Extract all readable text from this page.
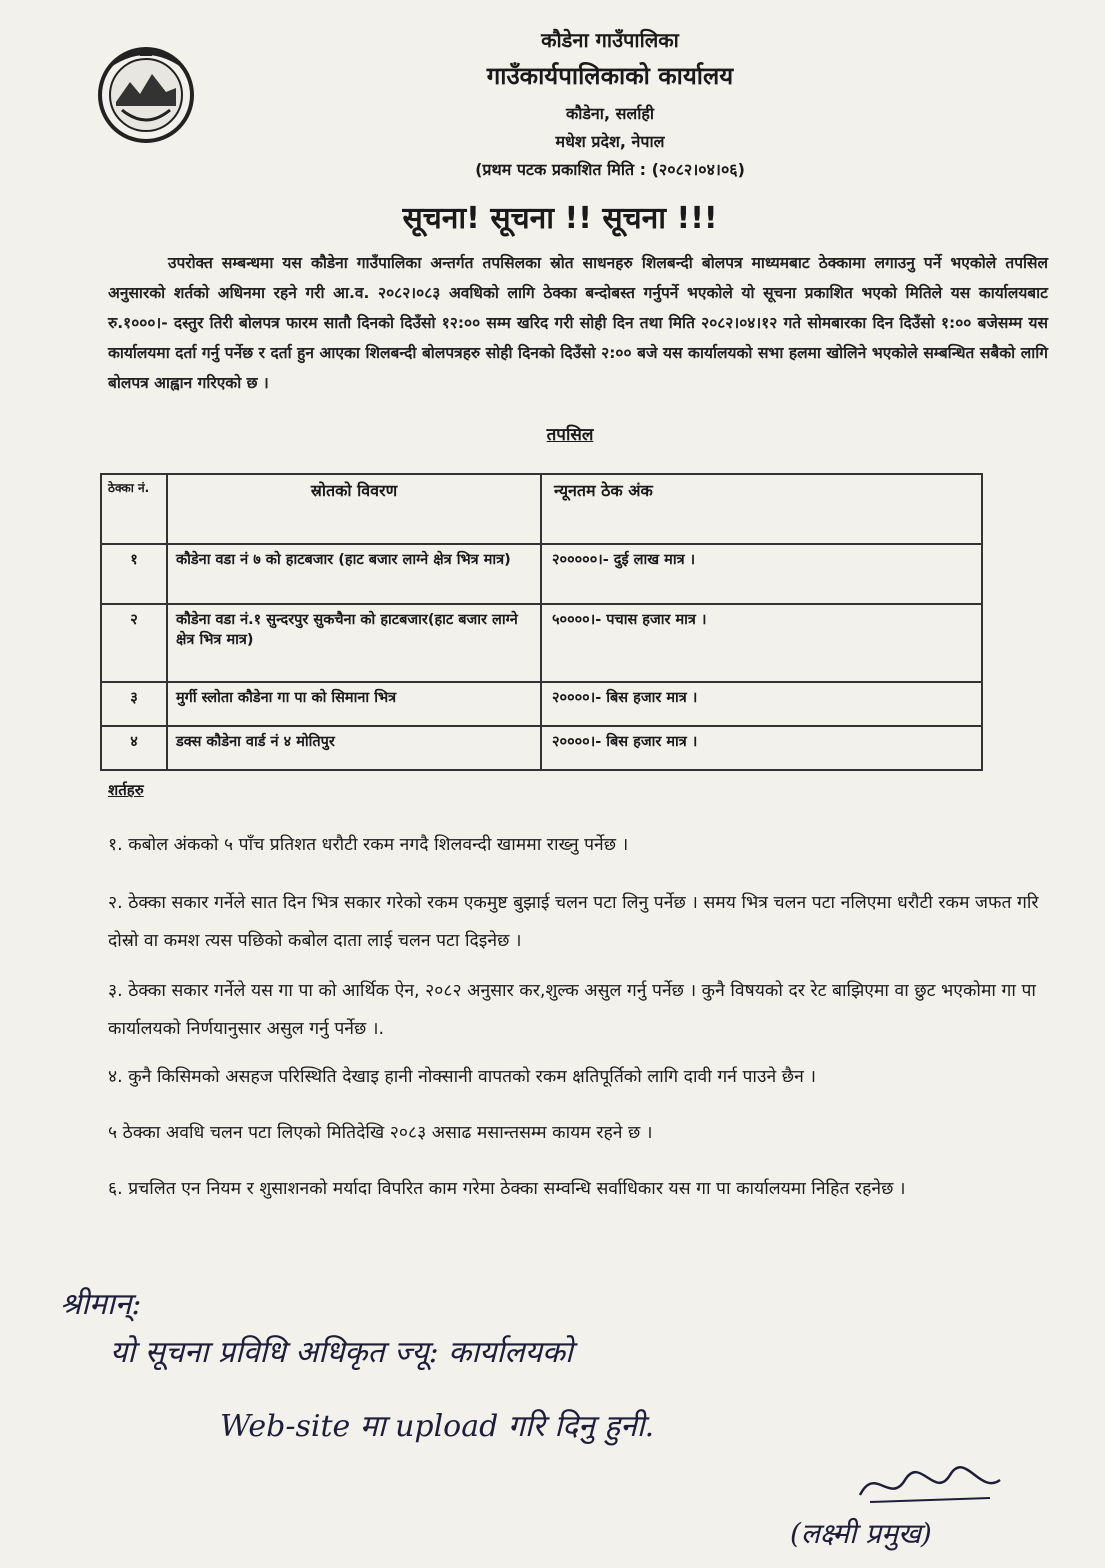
कौडेना गाउँपालिका
गाउँकार्यपालिकाको कार्यालय
कौडेना, सर्लाही
मधेश प्रदेश, नेपाल
(प्रथम पटक प्रकाशित मिति : (२०८२।०४।०६)
सूचना! सूचना !! सूचना !!!
उपरोक्त सम्बन्धमा यस कौडेना गाउँपालिका अन्तर्गत तपसिलका स्रोत साधनहरु शिलबन्दी बोलपत्र माध्यमबाट ठेक्कामा लगाउनु पर्ने भएकोले तपसिल अनुसारको शर्तको अधिनमा रहने गरी आ.व. २०८२।०८३ अवधिको लागि ठेक्का बन्दोबस्त गर्नुपर्ने भएकोले यो सूचना प्रकाशित भएको मितिले यस कार्यालयबाट रु.१०००।- दस्तुर तिरी बोलपत्र फारम सातौ दिनको दिउँसो १२:०० सम्म खरिद गरी सोही दिन तथा मिति २०८२।०४।१२ गते सोमबारका दिन दिउँसो १:०० बजेसम्म यस कार्यालयमा दर्ता गर्नु पर्नेछ र दर्ता हुन आएका शिलबन्दी बोलपत्रहरु सोही दिनको दिउँसो २:०० बजे यस कार्यालयको सभा हलमा खोलिने भएकोले सम्बन्धित सबैको लागि बोलपत्र आह्वान गरिएको छ ।
तपसिल
ठेक्का नं.	स्रोतको विवरण	न्यूनतम ठेक अंक
१	कौडेना वडा नं ७ को हाटबजार (हाट बजार लाग्ने क्षेत्र भित्र मात्र)	२०००००।- दुई लाख मात्र ।
२	कौडेना वडा नं.१ सुन्दरपुर सुकचैना को हाटबजार(हाट बजार लाग्ने क्षेत्र भित्र मात्र)	५००००।- पचास हजार मात्र ।
३	मुर्गी स्लोता कौडेना गा पा को सिमाना भित्र	२००००।- बिस हजार मात्र ।
४	डक्स कौडेना वार्ड नं ४ मोतिपुर	२००००।- बिस हजार मात्र ।
शर्तहरु
१. कबोल अंकको ५ पाँच प्रतिशत धरौटी रकम नगदै शिलवन्दी खाममा राख्नु पर्नेछ ।
२. ठेक्का सकार गर्नेले सात दिन भित्र सकार गरेको रकम एकमुष्ट बुझाई चलन पटा लिनु पर्नेछ । समय भित्र चलन पटा नलिएमा धरौटी रकम जफत गरि दोस्रो वा कमश त्यस पछिको कबोल दाता लाई चलन पटा दिइनेछ ।
३. ठेक्का सकार गर्नेले यस गा पा को आर्थिक ऐन, २०८२ अनुसार कर,शुल्क असुल गर्नु पर्नेछ । कुनै विषयको दर रेट बाझिएमा वा छुट भएकोमा गा पा कार्यालयको निर्णयानुसार असुल गर्नु पर्नेछ ।.
४. कुनै किसिमको असहज परिस्थिति देखाइ हानी नोक्सानी वापतको रकम क्षतिपूर्तिको लागि दावी गर्न पाउने छैन ।
५ ठेक्का अवधि चलन पटा लिएको मितिदेखि २०८३ असाढ मसान्तसम्म कायम रहने छ ।
६. प्रचलित एन नियम र शुसाशनको मर्यादा विपरित काम गरेमा ठेक्का सम्वन्धि सर्वाधिकार यस गा पा कार्यालयमा निहित रहनेछ ।
श्रीमान्:
यो सूचना प्रविधि अधिकृत ज्यू: कार्यालयको
Web-site मा upload गरि दिनु हुनी.
(लक्ष्मी प्रमुख)
